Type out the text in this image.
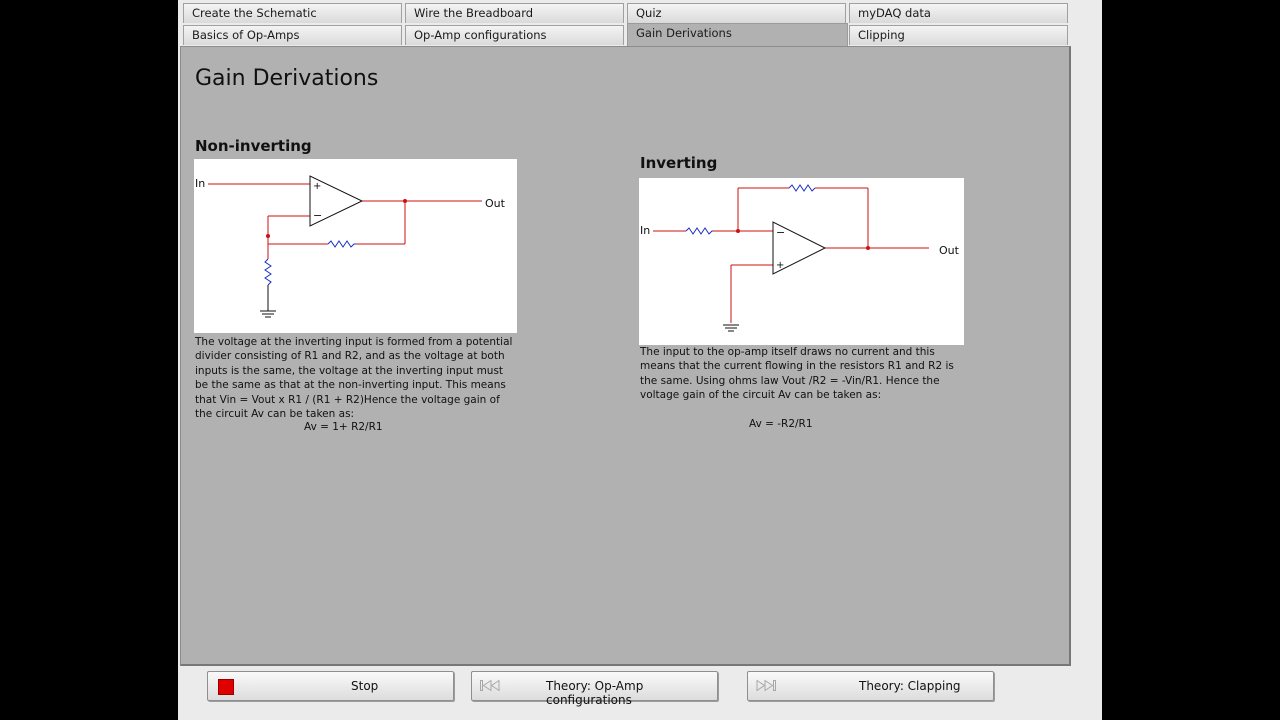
Create the Schematic	Wire the Breadboard	Quiz	myDAQ data
Basics of Op-Amps	Op-Amp configurations	Gain Derivations	Clipping
Gain Derivations
Non-inverting
+
−
In
Out
The voltage at the inverting input is formed from a potential divider consisting of R1 and R2, and as the voltage at both inputs is the same, the voltage at the inverting input must be the same as that at the non-inverting input. This means that Vin = Vout x R1 / (R1 + R2)Hence the voltage gain of the circuit Av can be taken as:
Av = 1+ R2/R1
Inverting
−
+
In
Out
The input to the op-amp itself draws no current and this means that the current flowing in the resistors R1 and R2 is the same. Using ohms law Vout /R2 = -Vin/R1. Hence the voltage gain of the circuit Av can be taken as:
Av = -R2/R1
Stop	Theory: Op-Amp configurations
Theory: Clapping
